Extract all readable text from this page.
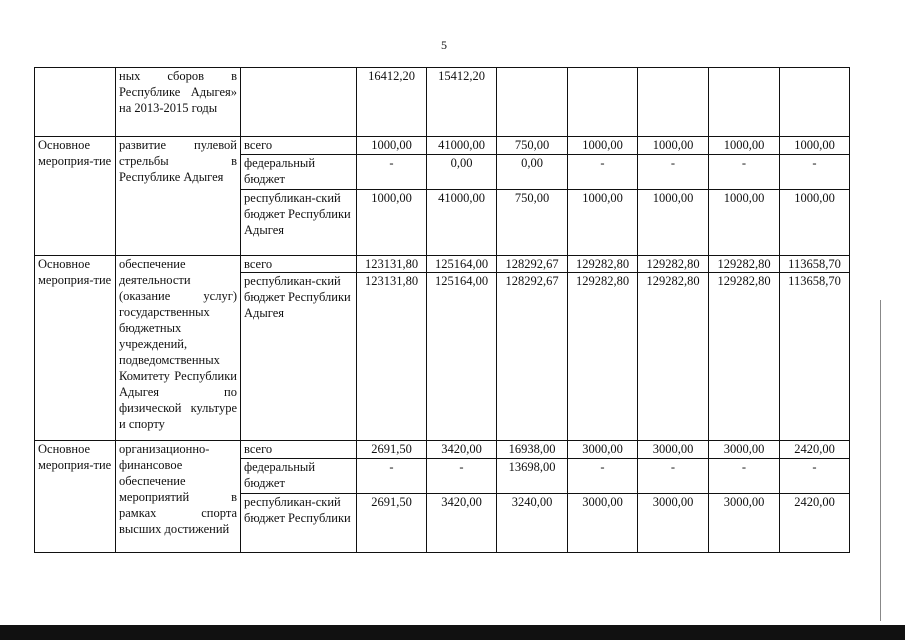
5
	ных сборов в Республике Адыгея» на 2013-2015 годы		16412,20	15412,20					
Основное мероприя-тие	развитие пулевой стрельбы в Республике Адыгея	всего	1000,00	41000,00	750,00	1000,00	1000,00	1000,00	1000,00
		федеральный бюджет	-	0,00	0,00	-	-	-	-
		республикан-ский бюджет Республики Адыгея	1000,00	41000,00	750,00	1000,00	1000,00	1000,00	1000,00
Основное мероприя-тие	обеспечение деятельности (оказание услуг) государственных бюджетных учреждений, подведомственных Комитету Республики Адыгея по физической культуре и спорту	всего	123131,80	125164,00	128292,67	129282,80	129282,80	129282,80	113658,70
		республикан-ский бюджет Республики Адыгея	123131,80	125164,00	128292,67	129282,80	129282,80	129282,80	113658,70
Основное мероприя-тие	организационно-финансовое обеспечение мероприятий в рамках спорта высших достижений	всего	2691,50	3420,00	16938,00	3000,00	3000,00	3000,00	2420,00
		федеральный бюджет	-	-	13698,00	-	-	-	-
		республикан-ский бюджет Республики	2691,50	3420,00	3240,00	3000,00	3000,00	3000,00	2420,00
